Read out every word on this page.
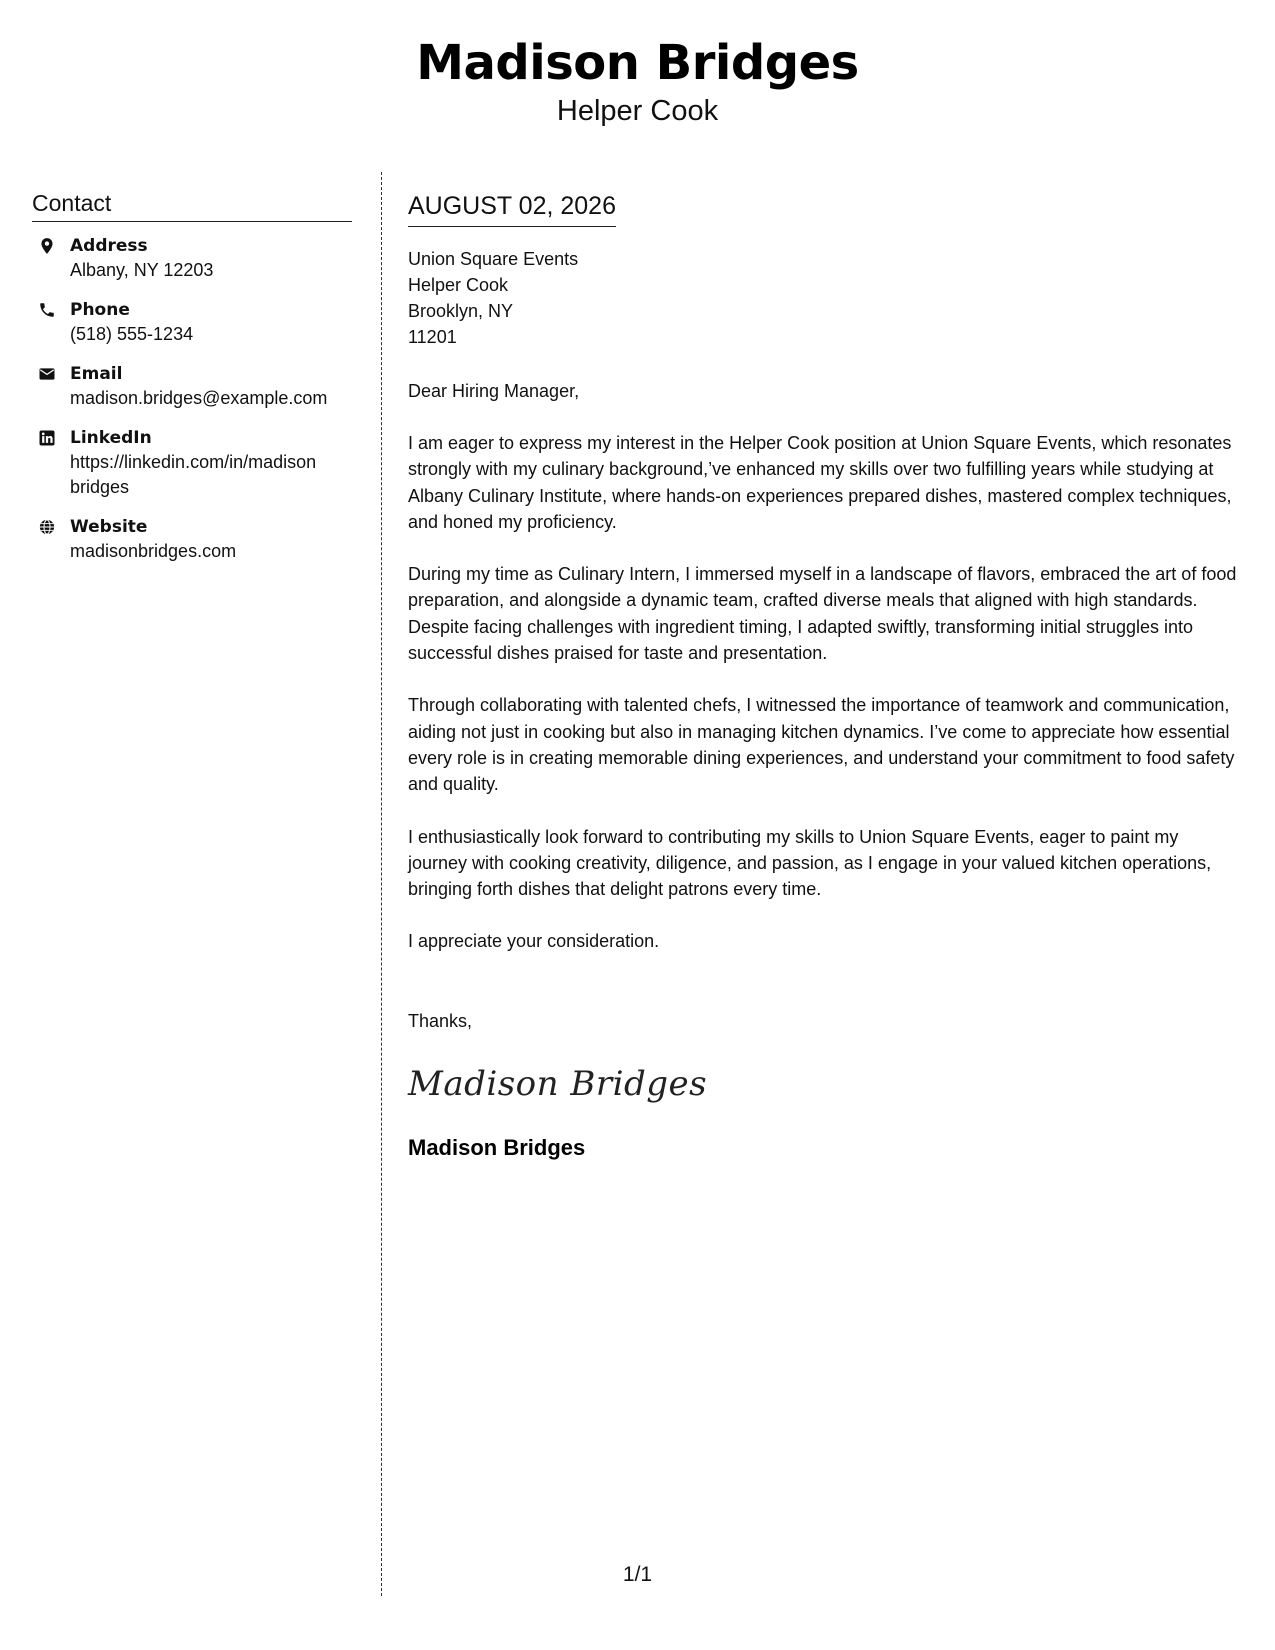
Madison Bridges
Helper Cook
Contact
Address
Albany, NY 12203
Phone
(518) 555-1234
Email
madison.bridges@example.com
LinkedIn
https://linkedin.com/in/madison
bridges
Website
madisonbridges.com
AUGUST 02, 2026
Union Square Events
Helper Cook
Brooklyn, NY
11201
Dear Hiring Manager,
I am eager to express my interest in the Helper Cook position at Union Square Events, which resonates strongly with my culinary background,’ve enhanced my skills over two fulfilling years while studying at Albany Culinary Institute, where hands-on experiences prepared dishes, mastered complex techniques, and honed my proficiency.
During my time as Culinary Intern, I immersed myself in a landscape of flavors, embraced the art of food preparation, and alongside a dynamic team, crafted diverse meals that aligned with high standards. Despite facing challenges with ingredient timing, I adapted swiftly, transforming initial struggles into successful dishes praised for taste and presentation.
Through collaborating with talented chefs, I witnessed the importance of teamwork and communication, aiding not just in cooking but also in managing kitchen dynamics. I’ve come to appreciate how essential every role is in creating memorable dining experiences, and understand your commitment to food safety and quality.
I enthusiastically look forward to contributing my skills to Union Square Events, eager to paint my journey with cooking creativity, diligence, and passion, as I engage in your valued kitchen operations, bringing forth dishes that delight patrons every time.
I appreciate your consideration.
Thanks,
Madison Bridges
Madison Bridges
1/1
